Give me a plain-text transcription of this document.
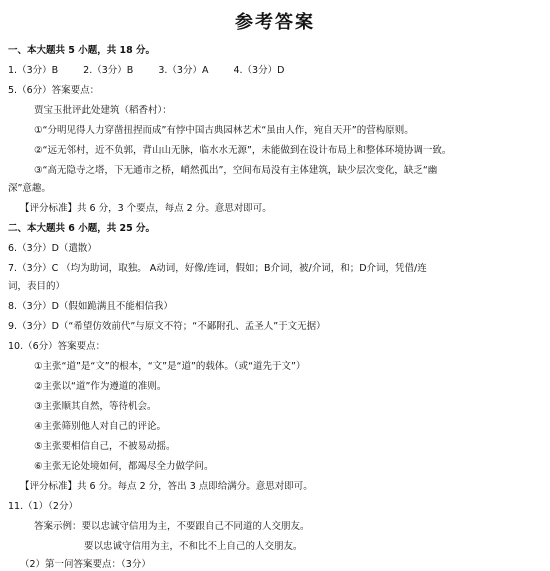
参考答案
一、本大题共 5 小题，共 18 分。
1.（3分）B	2.（3分）B	3.（3分）A	4.（3分）D
5.（6分）答案要点：
贾宝玉批评此处建筑（稻香村）：
①“分明见得人力穿凿扭捏而成”有悖中国古典园林艺术“虽由人作，宛自天开”的营构原则。
②“远无邻村，近不负郭，背山山无脉，临水水无源”，未能做到在设计布局上和整体环境协调一致。
③“高无隐寺之塔，下无通市之桥，峭然孤出”，空间布局没有主体建筑，缺少层次变化，缺乏“幽
深”意趣。
【评分标准】共 6 分，3 个要点，每点 2 分。意思对即可。
二、本大题共 6 小题，共 25 分。
6.（3分）D（遣散）
7.（3分）C （均为助词，取独。 A动词，好像/连词，假如；B介词，被/介词，和；D介词，凭借/连
词，表目的）
8.（3分）D（假如跪满且不能相信我）
9.（3分）D（“希望仿效前代”与原文不符；“不鄙附孔、孟圣人”于文无据）
10.（6分）答案要点：
①主张“道”是“文”的根本，“文”是“道”的载体。（或“道先于文”）
②主张以“道”作为遵道的准则。
③主张顺其自然，等待机会。
④主张筛别他人对自己的评论。
⑤主张要相信自己，不被易动摇。
⑥主张无论处境如何，都竭尽全力做学问。
【评分标准】共 6 分。每点 2 分，答出 3 点即给满分。意思对即可。
11.（1）（2分）
答案示例：要以忠诚守信用为主，不要跟自己不同道的人交朋友。
要以忠诚守信用为主，不和比不上自己的人交朋友。
（2）第一问答案要点：（3分）
